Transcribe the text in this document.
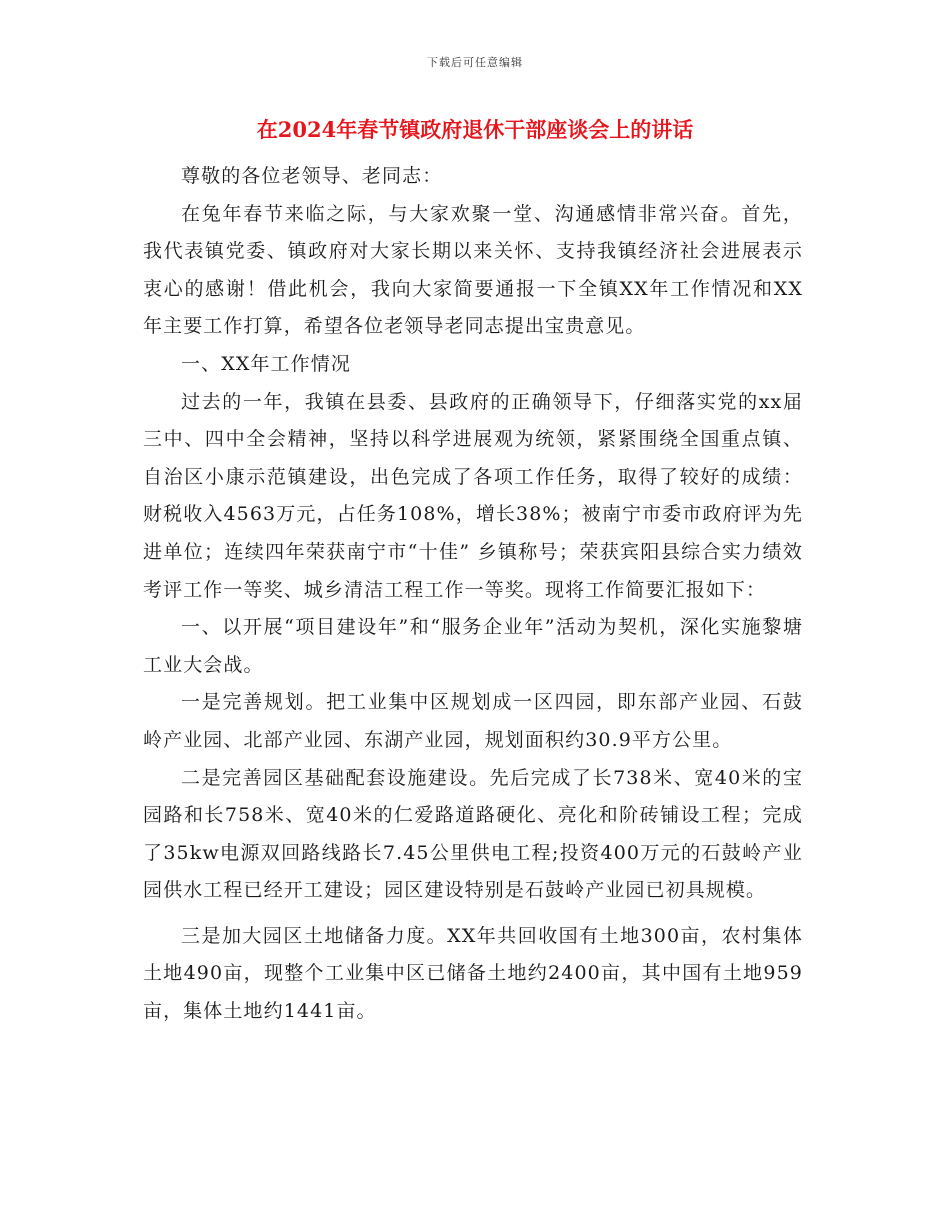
下载后可任意编辑
在2024年春节镇政府退休干部座谈会上的讲话

尊敬的各位老领导、老同志：

在兔年春节来临之际，与大家欢聚一堂、沟通感情非常兴奋。首先，我代表镇党委、镇政府对大家长期以来关怀、支持我镇经济社会进展表示衷心的感谢！借此机会，我向大家简要通报一下全镇XX年工作情况和XX年主要工作打算，希望各位老领导老同志提出宝贵意见。

一、XX年工作情况

过去的一年，我镇在县委、县政府的正确领导下，仔细落实党的xx届三中、四中全会精神，坚持以科学进展观为统领，紧紧围绕全国重点镇、自治区小康示范镇建设，出色完成了各项工作任务，取得了较好的成绩：财税收入4563万元，占任务108%，增长38%；被南宁市委市政府评为先进单位；连续四年荣获南宁市“十佳” 乡镇称号；荣获宾阳县综合实力绩效考评工作一等奖、城乡清洁工程工作一等奖。现将工作简要汇报如下：

一、以开展“项目建设年”和“服务企业年”活动为契机，深化实施黎塘工业大会战。

一是完善规划。把工业集中区规划成一区四园，即东部产业园、石鼓岭产业园、北部产业园、东湖产业园，规划面积约30.9平方公里。

二是完善园区基础配套设施建设。先后完成了长738米、宽40米的宝园路和长758米、宽40米的仁爱路道路硬化、亮化和阶砖铺设工程；完成了35kw电源双回路线路长7.45公里供电工程;投资400万元的石鼓岭产业园供水工程已经开工建设；园区建设特别是石鼓岭产业园已初具规模。

三是加大园区土地储备力度。XX年共回收国有土地300亩，农村集体土地490亩，现整个工业集中区已储备土地约2400亩，其中国有土地959亩，集体土地约1441亩。
